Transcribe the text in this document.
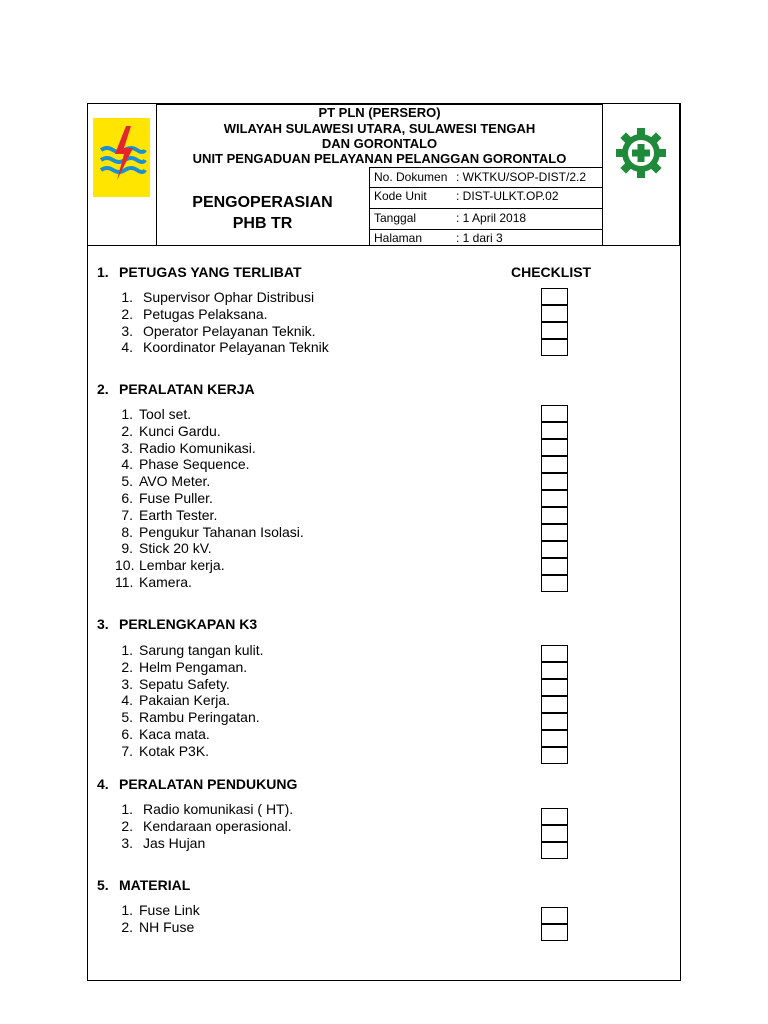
PT PLN (PERSERO)
WILAYAH SULAWESI UTARA, SULAWESI TENGAH
DAN GORONTALO
UNIT PENGADUAN PELAYANAN PELANGGAN GORONTALO
PENGOPERASIAN
PHB TR
No. Dokumen : WKTKU/SOP-DIST/2.2
Kode Unit : DIST-ULKT.OP.02
Tanggal	: 1 April 2018
Halaman	: 1 dari 3
CHECKLIST
1. PETUGAS YANG TERLIBAT
1. Supervisor Ophar Distribusi
2. Petugas Pelaksana.
3. Operator Pelayanan Teknik.
4. Koordinator Pelayanan Teknik
2. PERALATAN KERJA
1. Tool set.
2. Kunci Gardu.
3. Radio Komunikasi.
4. Phase Sequence.
5. AVO Meter.
6. Fuse Puller.
7. Earth Tester.
8. Pengukur Tahanan Isolasi.
9. Stick 20 kV.
10. Lembar kerja.
11. Kamera.
3. PERLENGKAPAN K3
1. Sarung tangan kulit.
2. Helm Pengaman.
3. Sepatu Safety.
4. Pakaian Kerja.
5. Rambu Peringatan.
6. Kaca mata.
7. Kotak P3K.
4. PERALATAN PENDUKUNG
1. Radio komunikasi ( HT).
2. Kendaraan operasional.
3. Jas Hujan
5. MATERIAL
1. Fuse Link
2. NH Fuse
